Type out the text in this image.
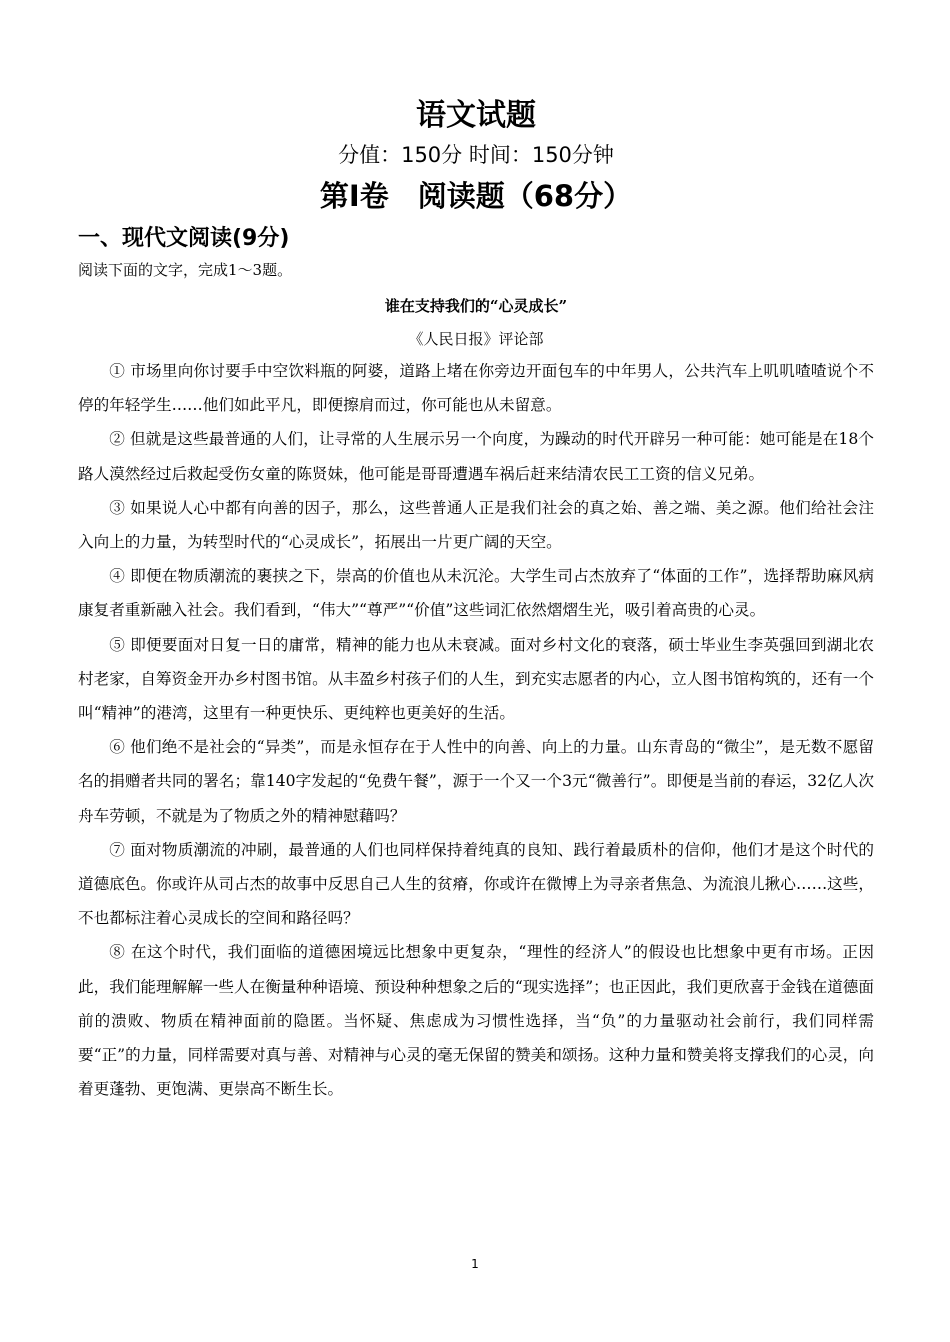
语文试题
分值：150分 时间：150分钟
第Ⅰ卷　阅读题（68分）
一、现代文阅读(9分)
阅读下面的文字，完成1～3题。
谁在支持我们的“心灵成长”
《人民日报》评论部

① 市场里向你讨要手中空饮料瓶的阿婆，道路上堵在你旁边开面包车的中年男人，公共汽车上叽叽喳喳说个不停的年轻学生……他们如此平凡，即便擦肩而过，你可能也从未留意。

② 但就是这些最普通的人们，让寻常的人生展示另一个向度，为躁动的时代开辟另一种可能：她可能是在18个路人漠然经过后救起受伤女童的陈贤妹，他可能是哥哥遭遇车祸后赶来结清农民工工资的信义兄弟。

③ 如果说人心中都有向善的因子，那么，这些普通人正是我们社会的真之始、善之端、美之源。他们给社会注入向上的力量，为转型时代的“心灵成长”，拓展出一片更广阔的天空。

④ 即便在物质潮流的裹挟之下，崇高的价值也从未沉沦。大学生司占杰放弃了“体面的工作”，选择帮助麻风病康复者重新融入社会。我们看到，“伟大”“尊严”“价值”这些词汇依然熠熠生光，吸引着高贵的心灵。

⑤ 即便要面对日复一日的庸常，精神的能力也从未衰减。面对乡村文化的衰落，硕士毕业生李英强回到湖北农村老家，自筹资金开办乡村图书馆。从丰盈乡村孩子们的人生，到充实志愿者的内心，立人图书馆构筑的，还有一个叫“精神”的港湾，这里有一种更快乐、更纯粹也更美好的生活。

⑥ 他们绝不是社会的“异类”，而是永恒存在于人性中的向善、向上的力量。山东青岛的“微尘”，是无数不愿留名的捐赠者共同的署名；靠140字发起的“免费午餐”，源于一个又一个3元“微善行”。即便是当前的春运，32亿人次舟车劳顿，不就是为了物质之外的精神慰藉吗？

⑦ 面对物质潮流的冲刷，最普通的人们也同样保持着纯真的良知、践行着最质朴的信仰，他们才是这个时代的道德底色。你或许从司占杰的故事中反思自己人生的贫瘠，你或许在微博上为寻亲者焦急、为流浪儿揪心……这些，不也都标注着心灵成长的空间和路径吗？

⑧ 在这个时代，我们面临的道德困境远比想象中更复杂，“理性的经济人”的假设也比想象中更有市场。正因此，我们能理解解一些人在衡量种种语境、预设种种想象之后的“现实选择”；也正因此，我们更欣喜于金钱在道德面前的溃败、物质在精神面前的隐匿。当怀疑、焦虑成为习惯性选择，当“负”的力量驱动社会前行，我们同样需要“正”的力量，同样需要对真与善、对精神与心灵的毫无保留的赞美和颂扬。这种力量和赞美将支撑我们的心灵，向着更蓬勃、更饱满、更崇高不断生长。

1
